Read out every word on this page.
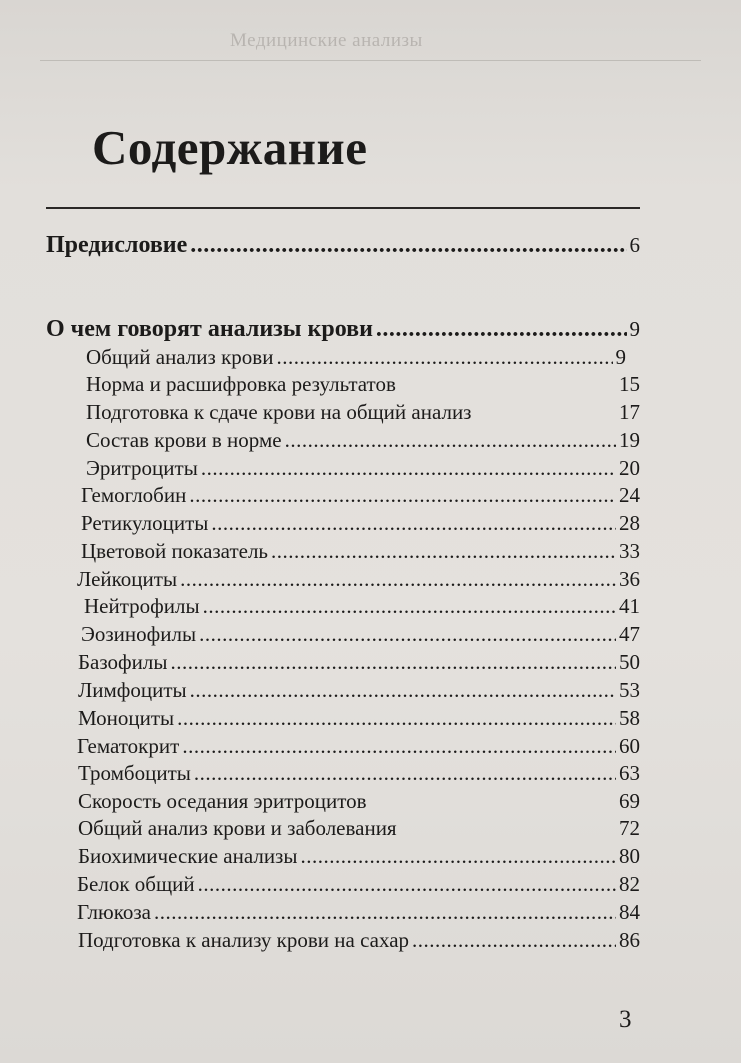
Медицинские анализы
Содержание
Предисловие .....	6
О чем говорят анализы крови .....	9
Общий анализ крови .....	9
Норма и расшифровка результатов	15
Подготовка к сдаче крови на общий анализ	17
Состав крови в норме .....	19
Эритроциты .....	20
Гемоглобин .....	24
Ретикулоциты .....	28
Цветовой показатель .....	33
Лейкоциты .....	36
Нейтрофилы .....	41
Эозинофилы .....	47
Базофилы .....	50
Лимфоциты .....	53
Моноциты .....	58
Гематокрит .....	60
Тромбоциты .....	63
Скорость оседания эритроцитов	69
Общий анализ крови и заболевания	72
Биохимические анализы .....	80
Белок общий .....	82
Глюкоза .....	84
Подготовка к анализу крови на сахар .....	86
3
